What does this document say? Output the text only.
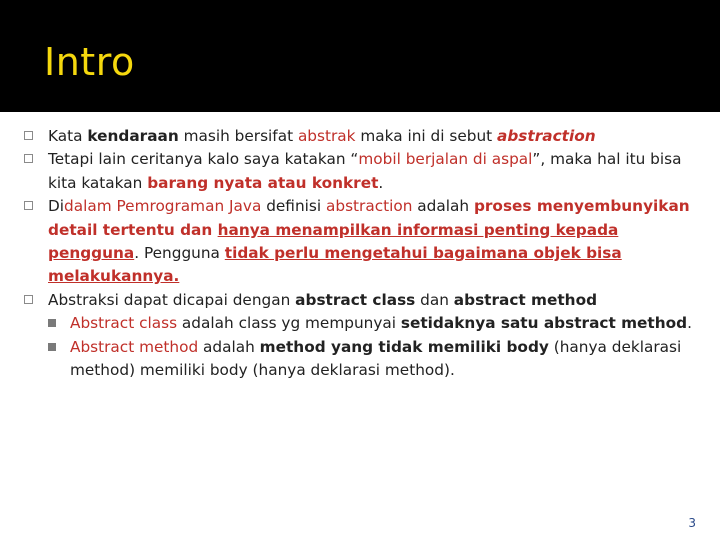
Intro

Kata kendaraan masih bersifat abstrak maka ini di sebut abstraction

Tetapi lain ceritanya kalo saya katakan “mobil berjalan di aspal”, maka hal itu bisa kita katakan barang nyata atau konkret.

Didalam Pemrograman Java definisi abstraction adalah proses menyembunyikan detail tertentu dan hanya menampilkan informasi penting kepada pengguna. Pengguna tidak perlu mengetahui bagaimana objek bisa melakukannya.

Abstraksi dapat dicapai dengan abstract class dan abstract method

Abstract class adalah class yg mempunyai setidaknya satu abstract method.

Abstract method adalah method yang tidak memiliki body (hanya deklarasi method) memiliki body (hanya deklarasi method).

3
